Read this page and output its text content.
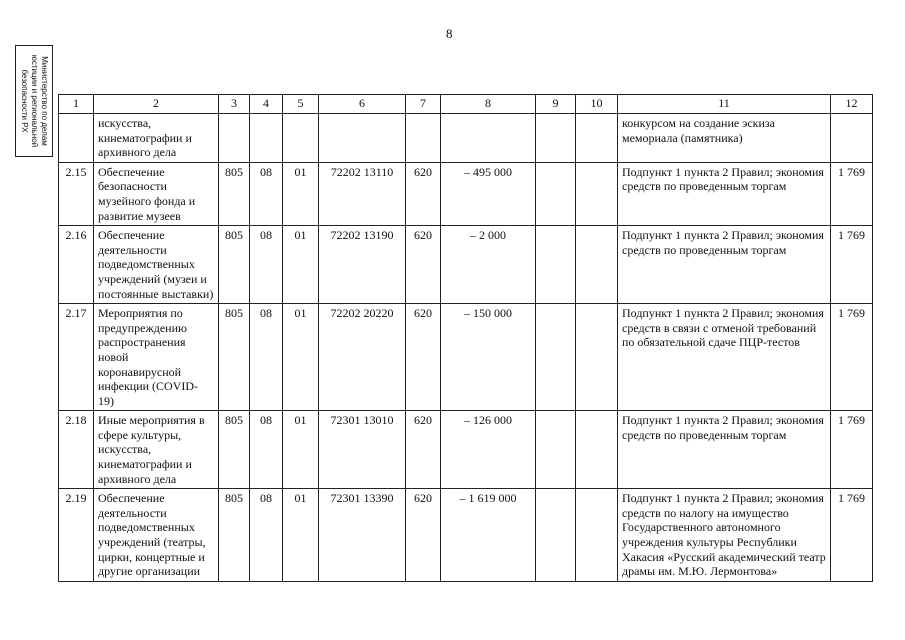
8
Министерство по делам
юстиции и региональной
безопасности РХ	1	2	3	4	5	6	7	8	9	10	11	12
	искусства, кинематографии и архивного дела									конкурсом на создание эскиза мемориала (памятника)	
2.15	Обеспечение безопасности музейного фонда и развитие музеев	805	08	01	72202 13110	620	– 495 000			Подпункт 1 пункта 2 Правил; экономия средств по проведенным торгам	1 769
2.16	Обеспечение деятельности подведомственных учреждений (музеи и постоянные выставки)	805	08	01	72202 13190	620	– 2 000			Подпункт 1 пункта 2 Правил; экономия средств по проведенным торгам	1 769
2.17	Мероприятия по предупреждению распространения новой коронавирусной инфекции (COVID-19)	805	08	01	72202 20220	620	– 150 000			Подпункт 1 пункта 2 Правил; экономия средств в связи с отменой требований по обязательной сдаче ПЦР-тестов	1 769
2.18	Иные мероприятия в сфере культуры, искусства, кинематографии и архивного дела	805	08	01	72301 13010	620	– 126 000			Подпункт 1 пункта 2 Правил; экономия средств по проведенным торгам	1 769
2.19	Обеспечение деятельности подведомственных учреждений (театры, цирки, концертные и другие организации	805	08	01	72301 13390	620	– 1 619 000			Подпункт 1 пункта 2 Правил; экономия средств по налогу на имущество Государственного автономного учреждения культуры Республики Хакасия «Русский академический театр драмы им. М.Ю. Лермонтова»	1 769
